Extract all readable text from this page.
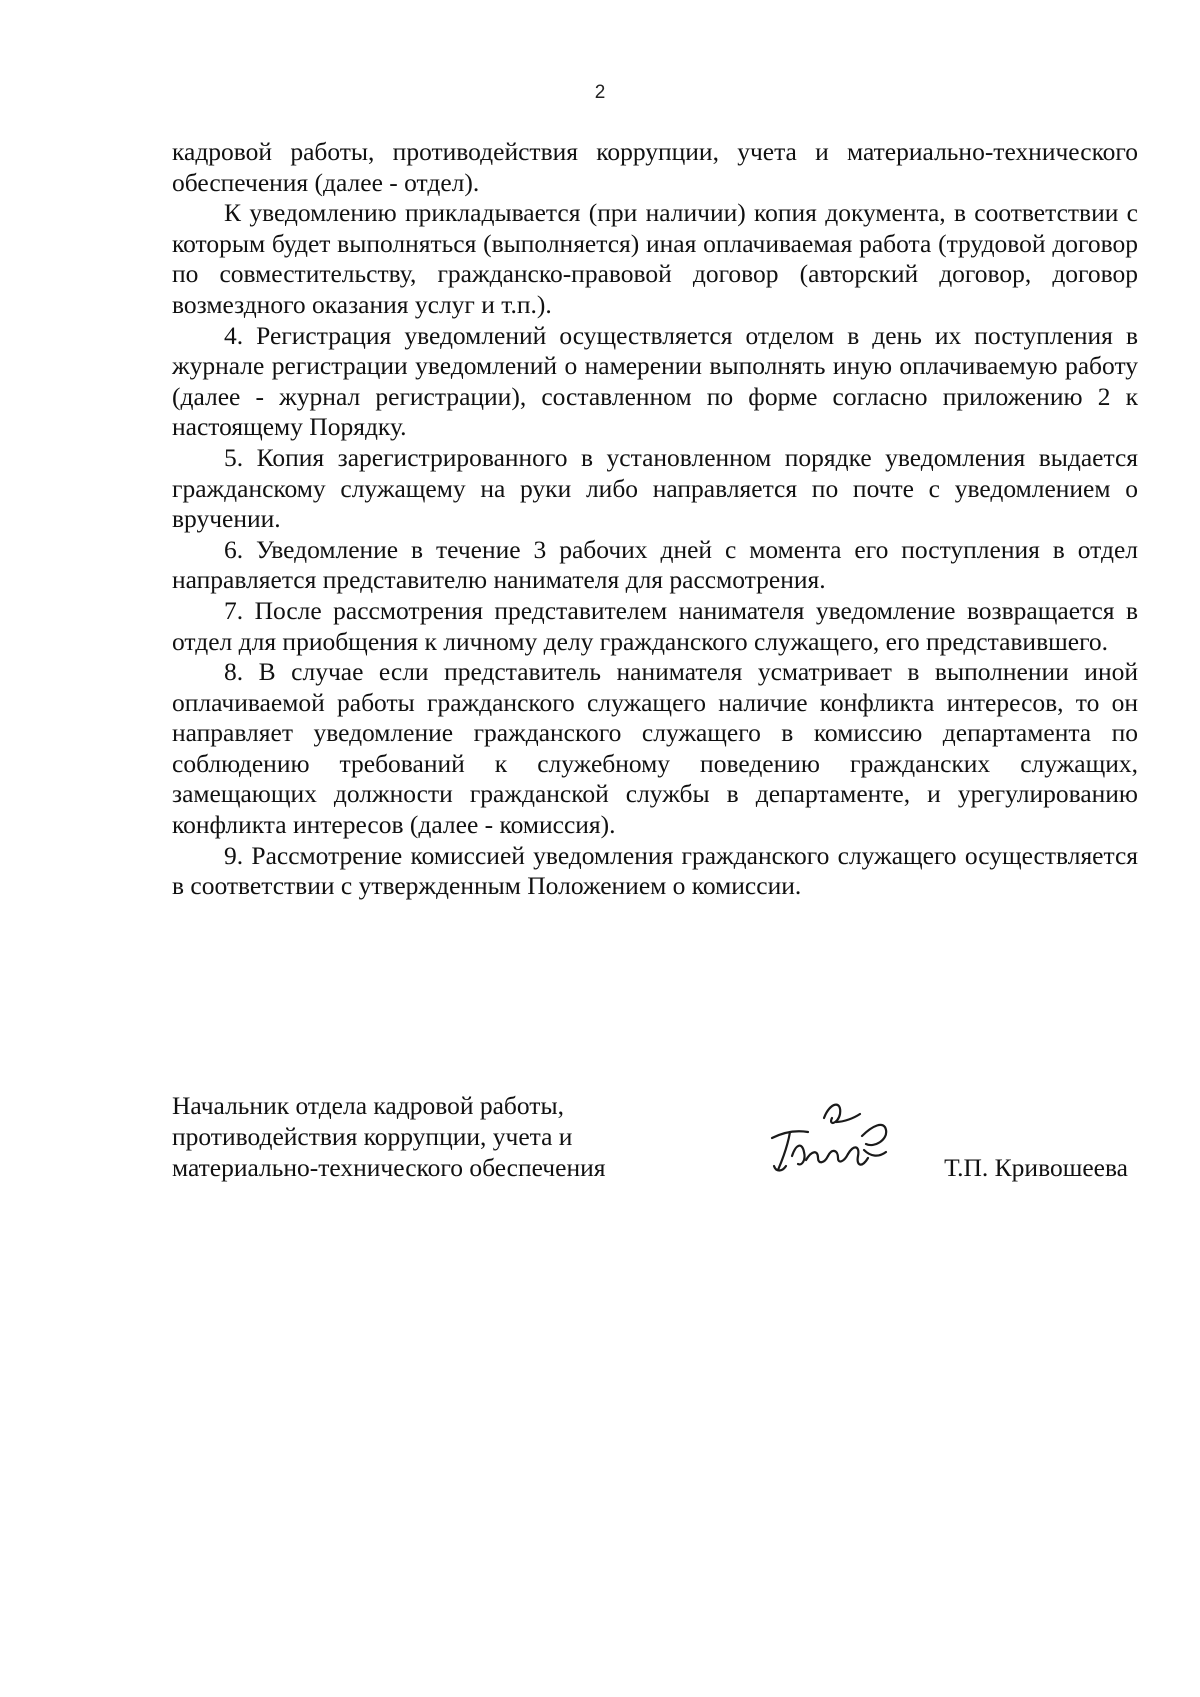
2

кадровой работы, противодействия коррупции, учета и материально-технического обеспечения (далее - отдел).

К уведомлению прикладывается (при наличии) копия документа, в соответствии с которым будет выполняться (выполняется) иная оплачиваемая работа (трудовой договор по совместительству, гражданско-правовой договор (авторский договор, договор возмездного оказания услуг и т.п.).

4. Регистрация уведомлений осуществляется отделом в день их поступления в журнале регистрации уведомлений о намерении выполнять иную оплачиваемую работу (далее - журнал регистрации), составленном по форме согласно приложению 2 к настоящему Порядку.

5. Копия зарегистрированного в установленном порядке уведомления выдается гражданскому служащему на руки либо направляется по почте с уведомлением о вручении.

6. Уведомление в течение 3 рабочих дней с момента его поступления в отдел направляется представителю нанимателя для рассмотрения.

7. После рассмотрения представителем нанимателя уведомление возвращается в отдел для приобщения к личному делу гражданского служащего, его представившего.

8. В случае если представитель нанимателя усматривает в выполнении иной оплачиваемой работы гражданского служащего наличие конфликта интересов, то он направляет уведомление гражданского служащего в комиссию департамента по соблюдению требований к служебному поведению гражданских служащих, замещающих должности гражданской службы в департаменте, и урегулированию конфликта интересов (далее - комиссия).

9. Рассмотрение комиссией уведомления гражданского служащего осуществляется в соответствии с утвержденным Положением о комиссии.

Начальник отдела кадровой работы,
противодействия коррупции, учета и
материально-технического обеспечения	Т.П. Кривошеева
